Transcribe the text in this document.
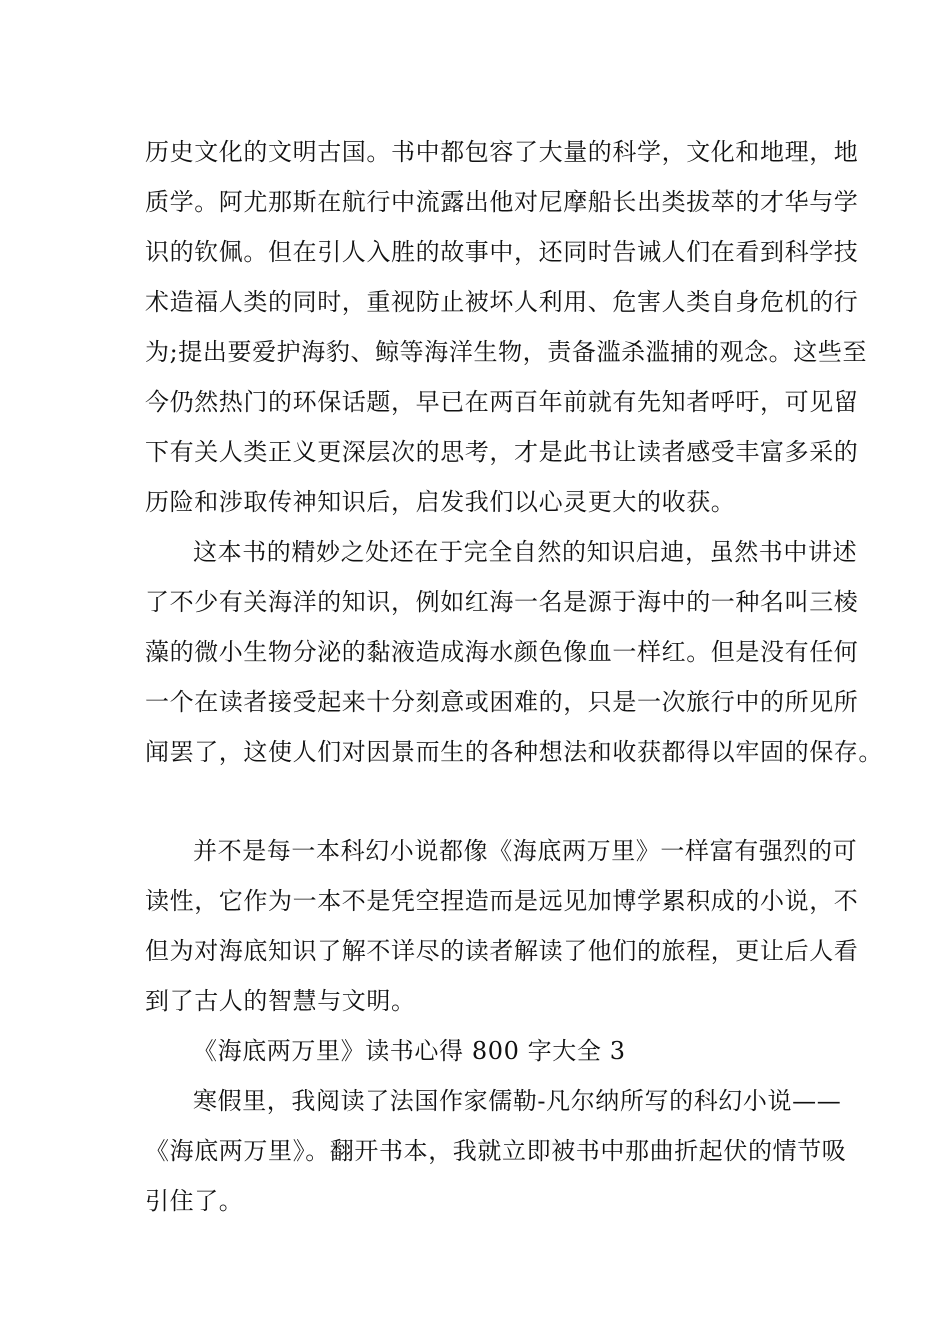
历史文化的文明古国。书中都包容了大量的科学，文化和地理，地
质学。阿尤那斯在航行中流露出他对尼摩船长出类拔萃的才华与学
识的钦佩。但在引人入胜的故事中，还同时告诫人们在看到科学技
术造福人类的同时，重视防止被坏人利用、危害人类自身危机的行
为;提出要爱护海豹、鲸等海洋生物，责备滥杀滥捕的观念。这些至
今仍然热门的环保话题，早已在两百年前就有先知者呼吁，可见留
下有关人类正义更深层次的思考，才是此书让读者感受丰富多采的
历险和涉取传神知识后，启发我们以心灵更大的收获。
这本书的精妙之处还在于完全自然的知识启迪，虽然书中讲述
了不少有关海洋的知识，例如红海一名是源于海中的一种名叫三棱
藻的微小生物分泌的黏液造成海水颜色像血一样红。但是没有任何
一个在读者接受起来十分刻意或困难的，只是一次旅行中的所见所
闻罢了，这使人们对因景而生的各种想法和收获都得以牢固的保存。
并不是每一本科幻小说都像《海底两万里》一样富有强烈的可
读性，它作为一本不是凭空捏造而是远见加博学累积成的小说，不
但为对海底知识了解不详尽的读者解读了他们的旅程，更让后人看
到了古人的智慧与文明。
《海底两万里》读书心得 800 字大全 3
寒假里，我阅读了法国作家儒勒-凡尔纳所写的科幻小说——
《海底两万里》。翻开书本，我就立即被书中那曲折起伏的情节吸
引住了。
